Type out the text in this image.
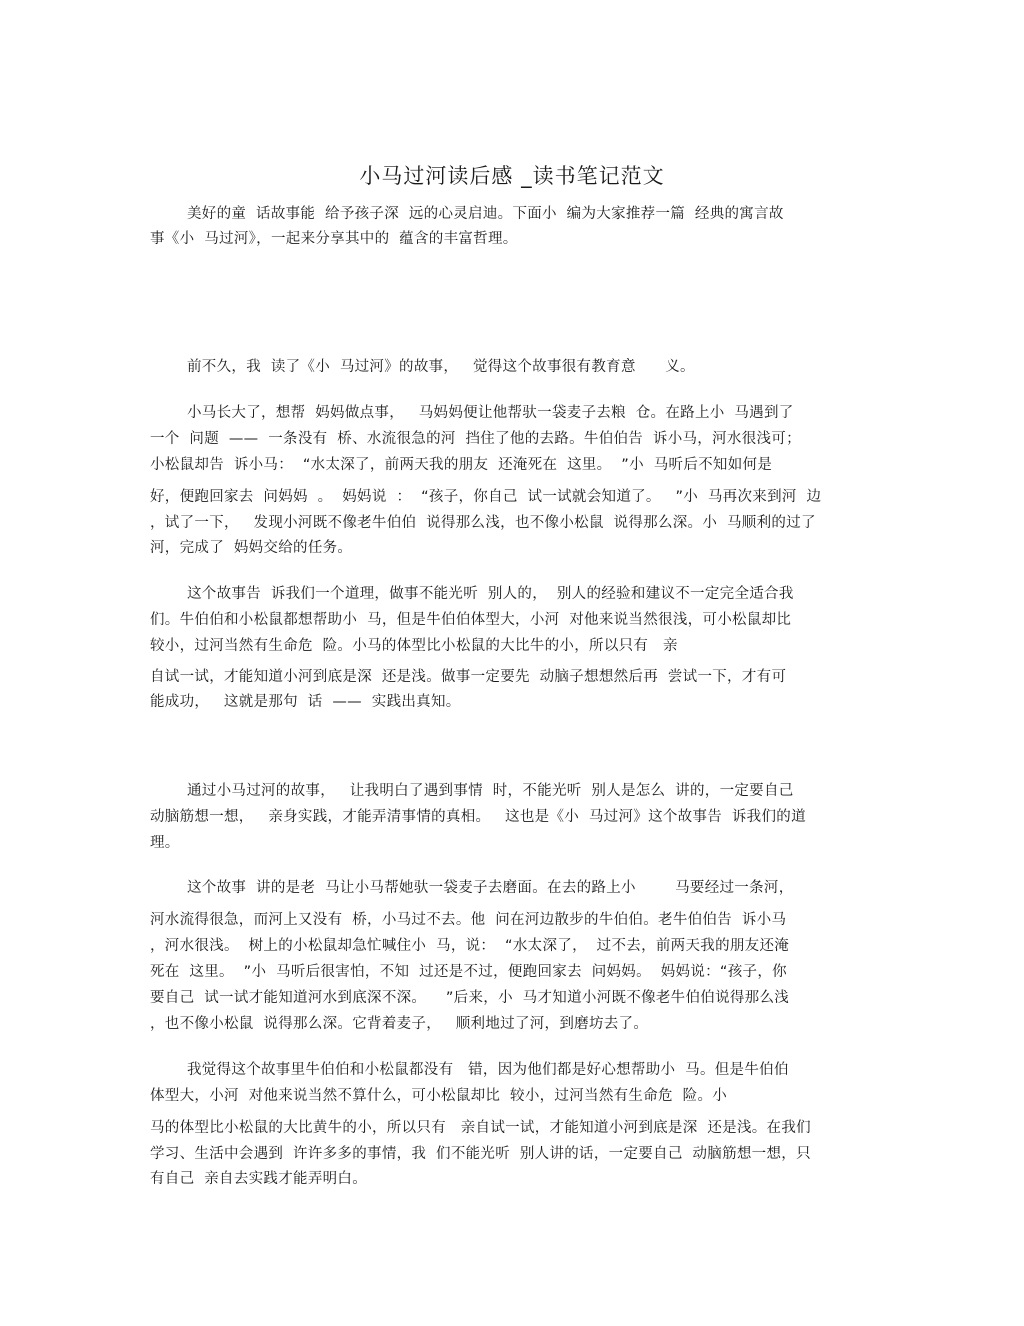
小马过河读后感 _读书笔记范文
美好的童  话故事能  给予孩子深  远的心灵启迪。下面小  编为大家推荐一篇  经典的寓言故
事《小  马过河》，一起来分享其中的  蕴含的丰富哲理。
前不久，我  读了《小  马过河》的故事，   觉得这个故事很有教育意      义。
小马长大了，想帮  妈妈做点事，   马妈妈便让他帮驮一袋麦子去粮  仓。在路上小  马遇到了
一个  问题  ——  一条没有  桥、水流很急的河  挡住了他的去路。牛伯伯告  诉小马，河水很浅可；
小松鼠却告  诉小马：  “水太深了，前两天我的朋友  还淹死在  这里。  ”小  马听后不知如何是
好，便跑回家去  问妈妈  。  妈妈说  ：  “孩子，你自己  试一试就会知道了。   ”小  马再次来到河  边
，试了一下，   发现小河既不像老牛伯伯  说得那么浅，也不像小松鼠  说得那么深。小  马顺利的过了
河，完成了  妈妈交给的任务。
这个故事告  诉我们一个道理，做事不能光听  别人的，  别人的经验和建议不一定完全适合我
们。牛伯伯和小松鼠都想帮助小  马，但是牛伯伯体型大，小河  对他来说当然很浅，可小松鼠却比
较小，过河当然有生命危  险。小马的体型比小松鼠的大比牛的小，所以只有   亲
自试一试，才能知道小河到底是深  还是浅。做事一定要先  动脑子想想然后再  尝试一下，才有可
能成功，   这就是那句  话  ——  实践出真知。
通过小马过河的故事，   让我明白了遇到事情  时，不能光听  别人是怎么  讲的，一定要自己
动脑筋想一想，   亲身实践，才能弄清事情的真相。   这也是《小  马过河》这个故事告  诉我们的道
理。
这个故事  讲的是老  马让小马帮她驮一袋麦子去磨面。在去的路上小        马要经过一条河，
河水流得很急，而河上又没有  桥，小马过不去。他  问在河边散步的牛伯伯。老牛伯伯告  诉小马
，河水很浅。  树上的小松鼠却急忙喊住小  马，说：  “水太深了，  过不去，前两天我的朋友还淹
死在  这里。  ”小  马听后很害怕，不知  过还是不过，便跑回家去  问妈妈。  妈妈说：“孩子，你
要自己  试一试才能知道河水到底深不深。    ”后来，小  马才知道小河既不像老牛伯伯说得那么浅
，也不像小松鼠  说得那么深。它背着麦子，   顺利地过了河，到磨坊去了。
我觉得这个故事里牛伯伯和小松鼠都没有   错，因为他们都是好心想帮助小  马。但是牛伯伯
体型大，小河  对他来说当然不算什么，可小松鼠却比  较小，过河当然有生命危  险。小
马的体型比小松鼠的大比黄牛的小，所以只有   亲自试一试，才能知道小河到底是深  还是浅。在我们
学习、生活中会遇到  许许多多的事情，我  们不能光听  别人讲的话，一定要自己  动脑筋想一想，只
有自己  亲自去实践才能弄明白。
